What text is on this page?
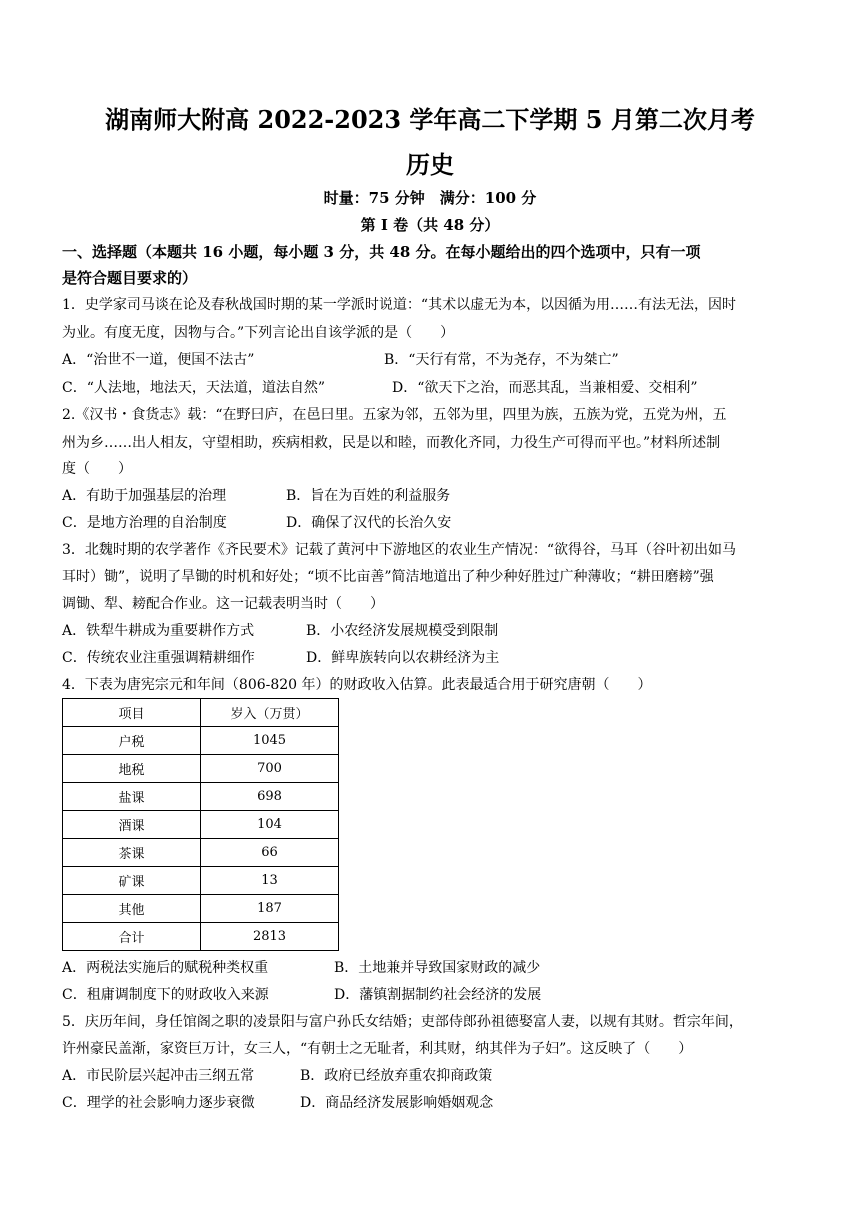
湖南师大附高 2022-2023 学年高二下学期 5 月第二次月考
历史
时量：75 分钟　满分：100 分
第 I 卷（共 48 分）
一、选择题（本题共 16 小题，每小题 3 分，共 48 分。在每小题给出的四个选项中，只有一项
是符合题目要求的）
1．史学家司马谈在论及春秋战国时期的某一学派时说道：“其术以虚无为本，以因循为用……有法无法，因时
为业。有度无度，因物与合。”下列言论出自该学派的是（　　）
A．“治世不一道，便国不法古”	B．“天行有常，不为尧存，不为桀亡”
C．“人法地，地法天，天法道，道法自然”	D．“欲天下之治，而恶其乱，当兼相爱、交相利”
2.《汉书・食货志》载：“在野曰庐，在邑曰里。五家为邻，五邻为里，四里为族，五族为党，五党为州，五
州为乡……出人相友，守望相助，疾病相救，民是以和睦，而教化齐同，力役生产可得而平也。”材料所述制
度（　　）
A．有助于加强基层的治理	B．旨在为百姓的利益服务
C．是地方治理的自治制度	D．确保了汉代的长治久安
3．北魏时期的农学著作《齐民要术》记载了黄河中下游地区的农业生产情况：“欲得谷，马耳（谷叶初出如马
耳时）锄”，说明了旱锄的时机和好处；“顷不比亩善”简洁地道出了种少种好胜过广种薄收；“耕田磨耪”强
调锄、犁、耪配合作业。这一记载表明当时（　　）
A．铁犁牛耕成为重要耕作方式	B．小农经济发展规模受到限制
C．传统农业注重强调精耕细作	D．鲜卑族转向以农耕经济为主
4．下表为唐宪宗元和年间（806-820 年）的财政收入估算。此表最适合用于研究唐朝（　　）
项目	岁入（万贯）
户税	1045
地税	700
盐课	698
酒课	104
茶课	66
矿课	13
其他	187
合计	2813
A．两税法实施后的赋税种类权重	B．土地兼并导致国家财政的减少
C．租庸调制度下的财政收入来源	D．藩镇割据制约社会经济的发展
5．庆历年间，身任馆阁之职的凌景阳与富户孙氏女结婚；吏部侍郎孙祖德娶富人妻，以规有其财。哲宗年间，
许州豪民盖渐，家资巨万计，女三人，“有朝士之无耻者，利其财，纳其伴为子妇”。这反映了（　　）
A．市民阶层兴起冲击三纲五常	B．政府已经放弃重农抑商政策
C．理学的社会影响力逐步衰微	D．商品经济发展影响婚姻观念
